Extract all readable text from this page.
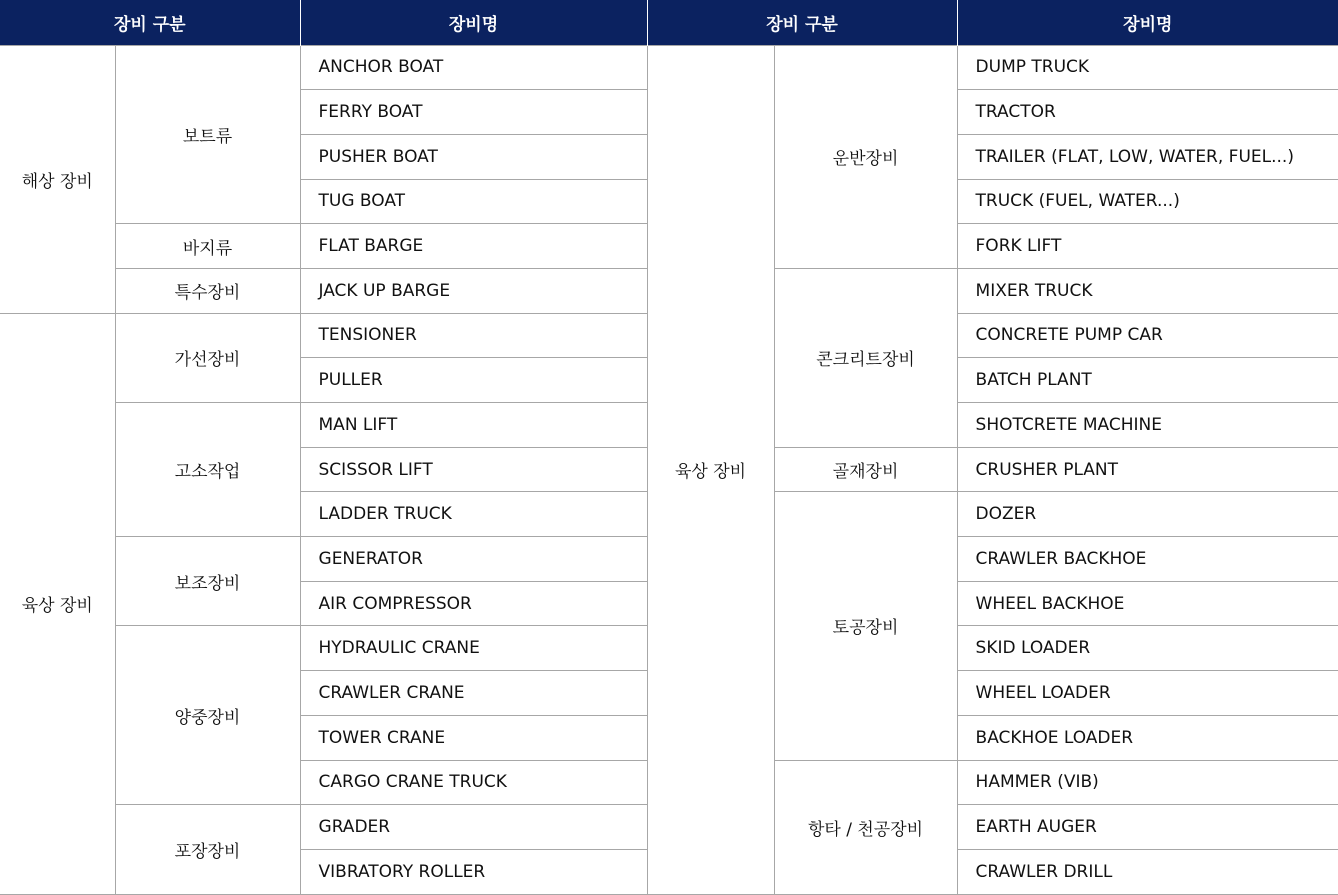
장비 구분		장비명	장비 구분		장비명
해상 장비	보트류	ANCHOR BOAT	육상 장비	운반장비	DUMP TRUCK
		FERRY BOAT			TRACTOR
		PUSHER BOAT			TRAILER (FLAT, LOW, WATER, FUEL...)
		TUG BOAT			TRUCK (FUEL, WATER...)
	바지류	FLAT BARGE			FORK LIFT
	특수장비	JACK UP BARGE		콘크리트장비	MIXER TRUCK
육상 장비	가선장비	TENSIONER			CONCRETE PUMP CAR
		PULLER			BATCH PLANT
	고소작업	MAN LIFT			SHOTCRETE MACHINE
		SCISSOR LIFT		골재장비	CRUSHER PLANT
		LADDER TRUCK		토공장비	DOZER
	보조장비	GENERATOR			CRAWLER BACKHOE
		AIR COMPRESSOR			WHEEL BACKHOE
	양중장비	HYDRAULIC CRANE			SKID LOADER
		CRAWLER CRANE			WHEEL LOADER
		TOWER CRANE			BACKHOE LOADER
		CARGO CRANE TRUCK		항타 / 천공장비	HAMMER (VIB)
	포장장비	GRADER			EARTH AUGER
		VIBRATORY ROLLER			CRAWLER DRILL
